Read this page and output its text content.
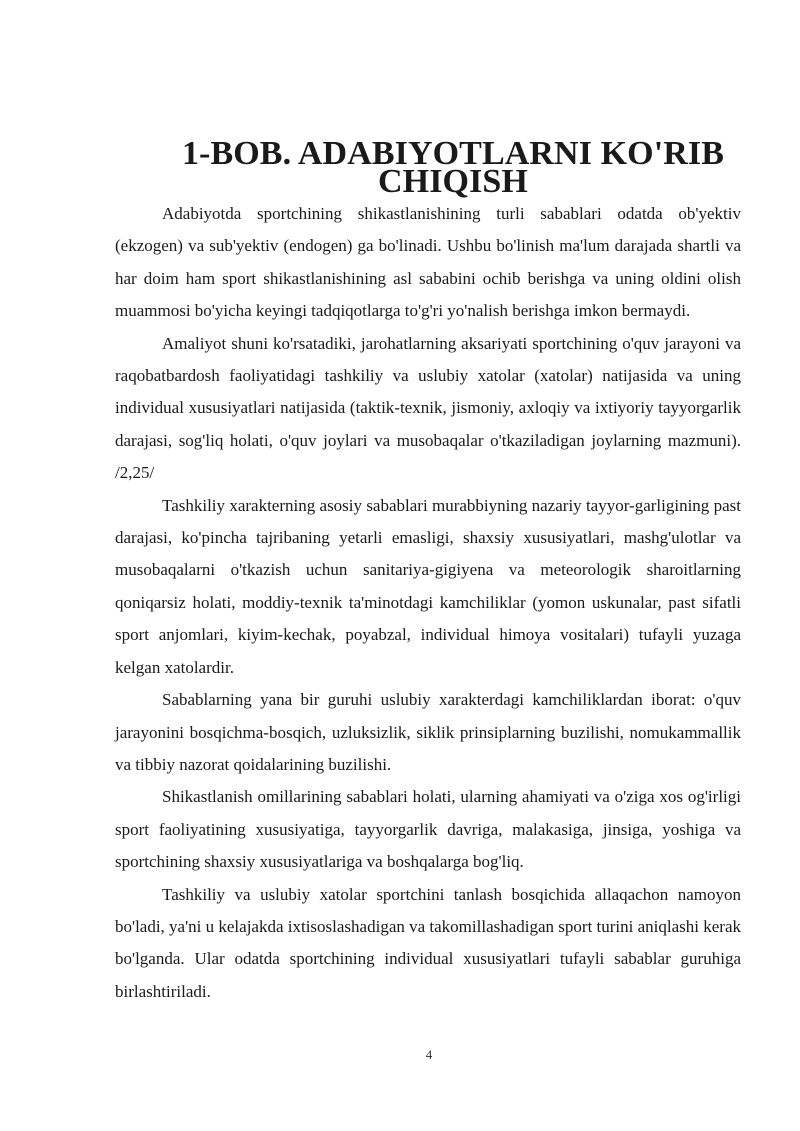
1-BOB. ADABIYOTLARNI KO'RIB CHIQISH

Adabiyotda sportchining shikastlanishining turli sabablari odatda ob'yektiv (ekzogen) va sub'yektiv (endogen) ga bo'linadi. Ushbu bo'linish ma'lum darajada shartli va har doim ham sport shikastlanishining asl sababini ochib berishga va uning oldini olish muammosi bo'yicha keyingi tadqiqotlarga to'g'ri yo'nalish berishga imkon bermaydi.

Amaliyot shuni ko'rsatadiki, jarohatlarning aksariyati sportchining o'quv jarayoni va raqobatbardosh faoliyatidagi tashkiliy va uslubiy xatolar (xatolar) natijasida va uning individual xususiyatlari natijasida (taktik-texnik, jismoniy, axloqiy va ixtiyoriy tayyorgarlik darajasi, sog'liq holati, o'quv joylari va musobaqalar o'tkaziladigan joylarning mazmuni). /2,25/

Tashkiliy xarakterning asosiy sabablari murabbiyning nazariy tayyor-garligining past darajasi, ko'pincha tajribaning yetarli emasligi, shaxsiy xususiyatlari, mashg'ulotlar va musobaqalarni o'tkazish uchun sanitariya-gigiyena va meteorologik sharoitlarning qoniqarsiz holati, moddiy-texnik ta'minotdagi kamchiliklar (yomon uskunalar, past sifatli sport anjomlari, kiyim-kechak, poyabzal, individual himoya vositalari) tufayli yuzaga kelgan xatolardir.

Sabablarning yana bir guruhi uslubiy xarakterdagi kamchiliklardan iborat: o'quv jarayonini bosqichma-bosqich, uzluksizlik, siklik prinsiplarning buzilishi, nomukammallik va tibbiy nazorat qoidalarining buzilishi.

Shikastlanish omillarining sabablari holati, ularning ahamiyati va o'ziga xos og'irligi sport faoliyatining xususiyatiga, tayyorgarlik davriga, malakasiga, jinsiga, yoshiga va sportchining shaxsiy xususiyatlariga va boshqalarga bog'liq.

Tashkiliy va uslubiy xatolar sportchini tanlash bosqichida allaqachon namoyon bo'ladi, ya'ni u kelajakda ixtisoslashadigan va takomillashadigan sport turini aniqlashi kerak bo'lganda. Ular odatda sportchining individual xususiyatlari tufayli sabablar guruhiga birlashtiriladi.

4
